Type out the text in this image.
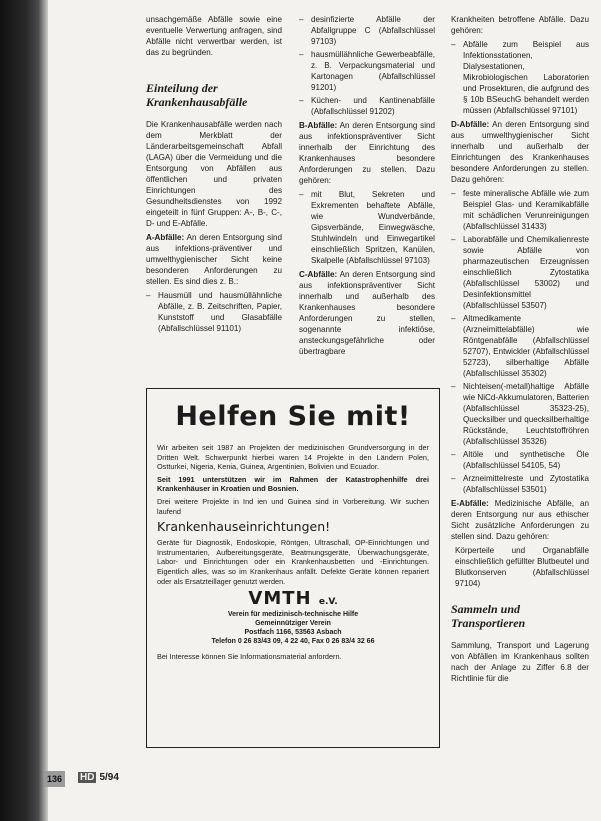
unsachgemäße Abfälle sowie eine eventuelle Verwertung anfragen, sind Abfälle nicht verwertbar werden, ist das zu begründen.

Einteilung der Krankenhausabfälle

Die Krankenhausabfälle werden nach dem Merkblatt der Länderarbeitsgemeinschaft Abfall (LAGA) über die Vermeidung und die Entsorgung von Abfällen aus öffentlichen und privaten Einrichtungen des Gesundheitsdienstes von 1992 eingeteilt in fünf Gruppen: A-, B-, C-, D- und E-Abfälle.

A-Abfälle: An deren Entsorgung sind aus infektions-präventiver und umwelthygienischer Sicht keine besonderen Anforderungen zu stellen. Es sind dies z. B.:

– Hausmüll und hausmüllähnliche Abfälle, z. B. Zeitschriften, Papier, Kunststoff und Glasabfälle (Abfallschlüssel 91101)
– desinfizierte Abfälle der Abfallgruppe C (Abfallschlüssel 97103)
– hausmüllähnliche Gewerbeabfälle, z. B. Verpackungsmaterial und Kartonagen (Abfallschlüssel 91201)
– Küchen- und Kantinenabfälle (Abfallschlüssel 91202)

B-Abfälle: An deren Entsorgung sind aus infektionspräventiver Sicht innerhalb der Einrichtung des Krankenhauses besondere Anforderungen zu stellen. Dazu gehören:

– mit Blut, Sekreten und Exkrementen behaftete Abfälle, wie Wundverbände, Gipsverbände, Einwegwäsche, Stuhlwindeln und Einwegartikel einschließlich Spritzen, Kanülen, Skalpelle (Abfallschlüssel 97103)

C-Abfälle: An deren Entsorgung sind aus infektionspräventiver Sicht innerhalb und außerhalb des Krankenhauses besondere Anforderungen zu stellen, sogenannte infektiöse, ansteckungsgefährliche oder übertragbare

Krankheiten betroffene Abfälle. Dazu gehören:

– Abfälle zum Beispiel aus Infektionsstationen, Dialysestationen, Mikrobiologischen Laboratorien und Prosekturen, die aufgrund des § 10b BSeuchG behandelt werden müssen (Abfallschlüssel 97101)

D-Abfälle: An deren Entsorgung sind aus umwelthygienischer Sicht innerhalb und außerhalb der Einrichtungen des Krankenhauses besondere Anforderungen zu stellen. Dazu gehören:

– feste mineralische Abfälle wie zum Beispiel Glas- und Keramikabfälle mit schädlichen Verunreinigungen (Abfallschlüssel 31433)
– Laborabfälle und Chemikalienreste sowie Abfälle von pharmazeutischen Erzeugnissen einschließlich Zytostatika (Abfallschlüssel 53002) und Desinfektionsmittel (Abfallschlüssel 53507)
– Altmedikamente (Arzneimittelabfälle) wie Röntgenabfälle (Abfallschlüssel 52707), Entwickler (Abfallschlüssel 52723), silberhaltige Abfälle (Abfallschlüssel 35302)
– Nichteisen(-metall)haltige Abfälle wie NiCd-Akkumulatoren, Batterien (Abfallschlüssel 35323-25), Quecksilber und quecksilberhaltige Rückstände, Leuchtstoffröhren (Abfallschlüssel 35326)
– Altöle und synthetische Öle (Abfallschlüssel 54105, 54)
– Arzneimittelreste und Zytostatika (Abfallschlüssel 53501)

E-Abfälle: Medizinische Abfälle, an deren Entsorgung nur aus ethischer Sicht zusätzliche Anforderungen zu stellen sind. Dazu gehören:

Körperteile und Organabfälle einschließlich gefüllter Blutbeutel und Blutkonserven (Abfallschlüssel 97104)

Sammeln und Transportieren

Sammlung, Transport und Lagerung von Abfällen im Krankenhaus sollten nach der Anlage zu Ziffer 6.8 der Richtlinie für die

Helfen Sie mit!

Wir arbeiten seit 1987 an Projekten der medizinischen Grundversorgung in der Dritten Welt. Schwerpunkt hierbei waren 14 Projekte in den Ländern Polen, Ostturkei, Nigeria, Kenia, Guinea, Argentinien, Bolivien und Ecuador.

Seit 1991 unterstützen wir im Rahmen der Katastrophenhilfe drei Krankenhäuser in Kroatien und Bosnien.

Drei weitere Projekte in Ind ien und Guinea sind in Vorbereitung. Wir suchen laufend

Krankenhauseinrichtungen!

Geräte für Diagnostik, Endoskopie, Röntgen, Ultraschall, OP-Einrichtungen und Instrumentarien, Aufbereitungsgeräte, Beatmungsgeräte, Überwachungsgeräte, Labor- und Einrichtungen oder ein Krankenhausbetten und -Einrichtungen. Eigentlich alles, was so im Krankenhaus anfällt. Defekte Geräte können repariert oder als Ersatzteillager genutzt werden.

VMTH e.V.
Verein für medizinisch-technische Hilfe
Gemeinnütziger Verein
Postfach 1166, 53563 Asbach
Telefon 0 26 83/43 09, 4 22 40, Fax 0 26 83/4 32 66

Bei Interesse können Sie Informationsmaterial anfordern.

136	HD 5/94
